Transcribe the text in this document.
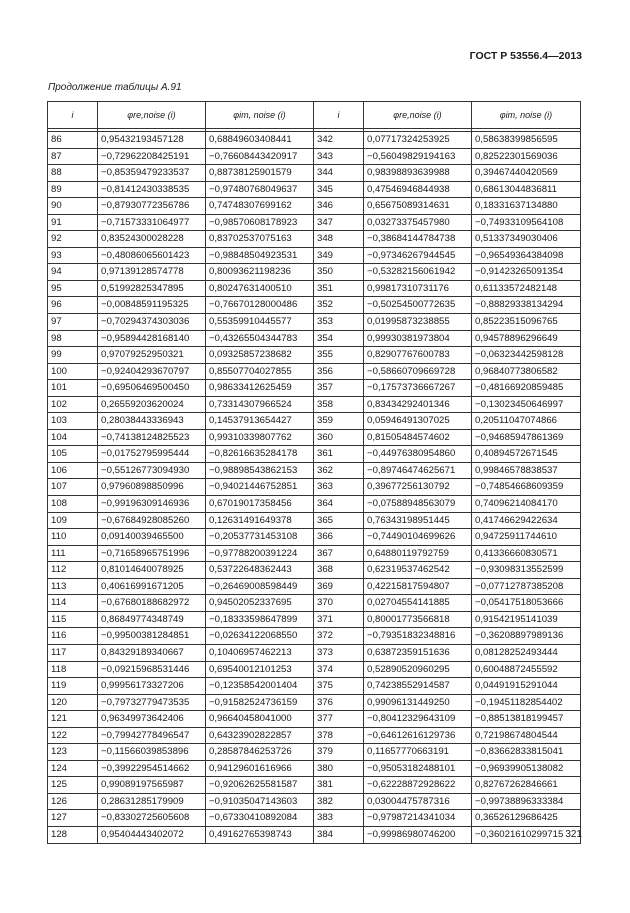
ГОСТ Р 53556.4—2013
Продолжение таблицы А.91
i	φre,noise (i)	φim, noise (i)	i	φre,noise (i)	φim, noise (i)

86	0,95432193457128	0,68849603408441	342	0,07717324253925	0,58638399856595
87	−0,72962208425191	−0,76608443420917	343	−0,56049829194163	0,82522301569036
88	−0,85359479233537	0,88738125901579	344	0,98398893639988	0,39467440420569
89	−0,81412430338535	−0,97480768049637	345	0,47546946844938	0,68613044836811
90	−0,87930772356786	0,74748307699162	346	0,65675089314631	0,18331637134880
91	−0,71573331064977	−0,98570608178923	347	0,03273375457980	−0,74933109564108
92	0,83524300028228	0,83702537075163	348	−0,38684144784738	0,51337349030406
93	−0,48086065601423	−0,98848504923531	349	−0,97346267944545	−0,96549364384098
94	0,97139128574778	0,80093621198236	350	−0,53282156061942	−0,91423265091354
95	0,51992825347895	0,80247631400510	351	0,99817310731176	0,61133572482148
96	−0,00848591195325	−0,76670128000486	352	−0,50254500772635	−0,88829338134294
97	−0,70294374303036	0,55359910445577	353	0,01995873238855	0,85223515096765
98	−0,95894428168140	−0,43265504344783	354	0,99930381973804	0,94578896296649
99	0,97079252950321	0,09325857238682	355	0,82907767600783	−0,06323442598128
100	−0,92404293670797	0,85507704027855	356	−0,58660709669728	0,96840773806582
101	−0,69506469500450	0,98633412625459	357	−0,17573736667267	−0,48166920859485
102	0,26559203620024	0,73314307966524	358	0,83434292401346	−0,13023450646997
103	0,28038443336943	0,14537913654427	359	0,05946491307025	0,20511047074866
104	−0,74138124825523	0,99310339807762	360	0,81505484574602	−0,94685947861369
105	−0,01752795995444	−0,82616635284178	361	−0,44976380954860	0,40894572671545
106	−0,55126773094930	−0,98898543862153	362	−0,89746474625671	0,99846578838537
107	0,97960898850996	−0,94021446752851	363	0,39677256130792	−0,74854668609359
108	−0,99196309146936	0,67019017358456	364	−0,07588948563079	0,74096214084170
109	−0,67684928085260	0,12631491649378	365	0,76343198951445	0,41746629422634
110	0,09140039465500	−0,20537731453108	366	−0,74490104699626	0,94725911744610
111	−0,71658965751996	−0,97788200391224	367	0,64880119792759	0,41336660830571
112	0,81014640078925	0,53722648362443	368	0,62319537462542	−0,93098313552599
113	0,40616991671205	−0,26469008598449	369	0,42215817594807	−0,07712787385208
114	−0,67680188682972	0,94502052337695	370	0,02704554141885	−0,05417518053666
115	0,86849774348749	−0,18333598647899	371	0,80001773566818	0,91542195141039
116	−0,99500381284851	−0,02634122068550	372	−0,79351832348816	−0,36208897989136
117	0,84329189340667	0,10406957462213	373	0,63872359151636	0,08128252493444
118	−0,09215968531446	0,69540012101253	374	0,52890520960295	0,60048872455592
119	0,99956173327206	−0,12358542001404	375	0,74238552914587	0,04491915291044
120	−0,79732779473535	−0,91582524736159	376	0,99096131449250	−0,19451182854402
121	0,96349973642406	0,96640458041000	377	−0,80412329643109	−0,88513818199457
122	−0,79942778496547	0,64323902822857	378	−0,64612616129736	0,72198674804544
123	−0,11566039853896	0,28587846253726	379	0,11657770663191	−0,83662833815041
124	−0,39922954514662	0,94129601616966	380	−0,95053182488101	−0,96939905138082
125	0,99089197565987	−0,92062625581587	381	−0,62228872928622	0,82767262846661
126	0,28631285179909	−0,91035047143603	382	0,03004475787316	−0,99738896333384
127	−0,83302725605608	−0,67330410892084	383	−0,97987214341034	0,36526129686425
128	0,95404443402072	0,49162765398743	384	−0,99986980746200	−0,36021610299715 321
